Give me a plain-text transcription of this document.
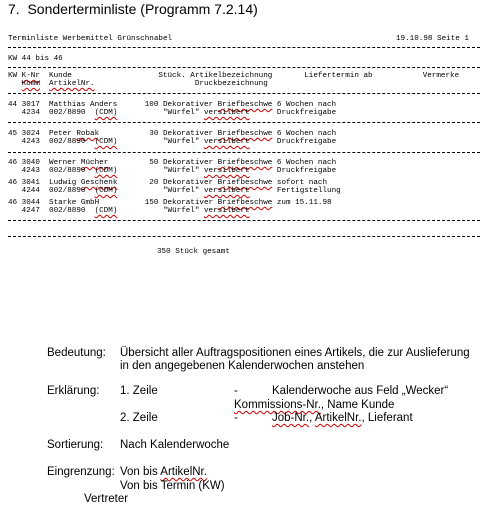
7.  Sonderterminliste (Programm 7.2.14)
Terminliste Werbemittel Grünschnabel	19.10.98 Seite 1
KW 44 bis 46
KW K-Nr  Kunde                   Stück. Artikelbezeichnung       Liefertermin ab           Vermerke
Komm ArtikelNr.                      Druckbezeichnung
44 3017  Matthias Anders      100 Dekorativer Briefbeschwe 6 Wochen nach
4234  002/8890  (CDM)          "Würfel" versilbert      Druckfreigabe
45 3024  Peter Robak           30 Dekorativer Briefbeschwe 6 Wochen nach
4243  002/8890  (CDM)          "Würfel" versilbert      Druckfreigabe
46 3040  Werner Mücher         50 Dekorativer Briefbeschwe 6 Wochen nach
4243  002/8890  (CDM)          "Würfel" versilbert      Druckfreigabe
46 3041  Ludwig Geschenk       20 Dekorativer Briefbeschwe sofort nach
4244  002/8890  (CDM)          "Würfel" versilbert      Fertigstellung
46 3044  Starke GmbH          150 Dekorativer Briefbeschwe zum 15.11.98
4247  002/8890  (CDM)          "Würfel" versilbert
350 Stück gesamt
Bedeutung: Übersicht aller Auftragspositionen eines Artikels, die zur Auslieferung
in den angegebenen Kalenderwochen anstehen
Erklärung: 1. Zeile	-	Kalenderwoche aus Feld „Wecker“
Kommissions-Nr., Name Kunde
2. Zeile	-	Job-Nr., ArtikelNr., Lieferant
Sortierung: Nach Kalenderwoche
Eingrenzung: Von bis ArtikelNr.
Von bis Termin (KW)
Vertreter
